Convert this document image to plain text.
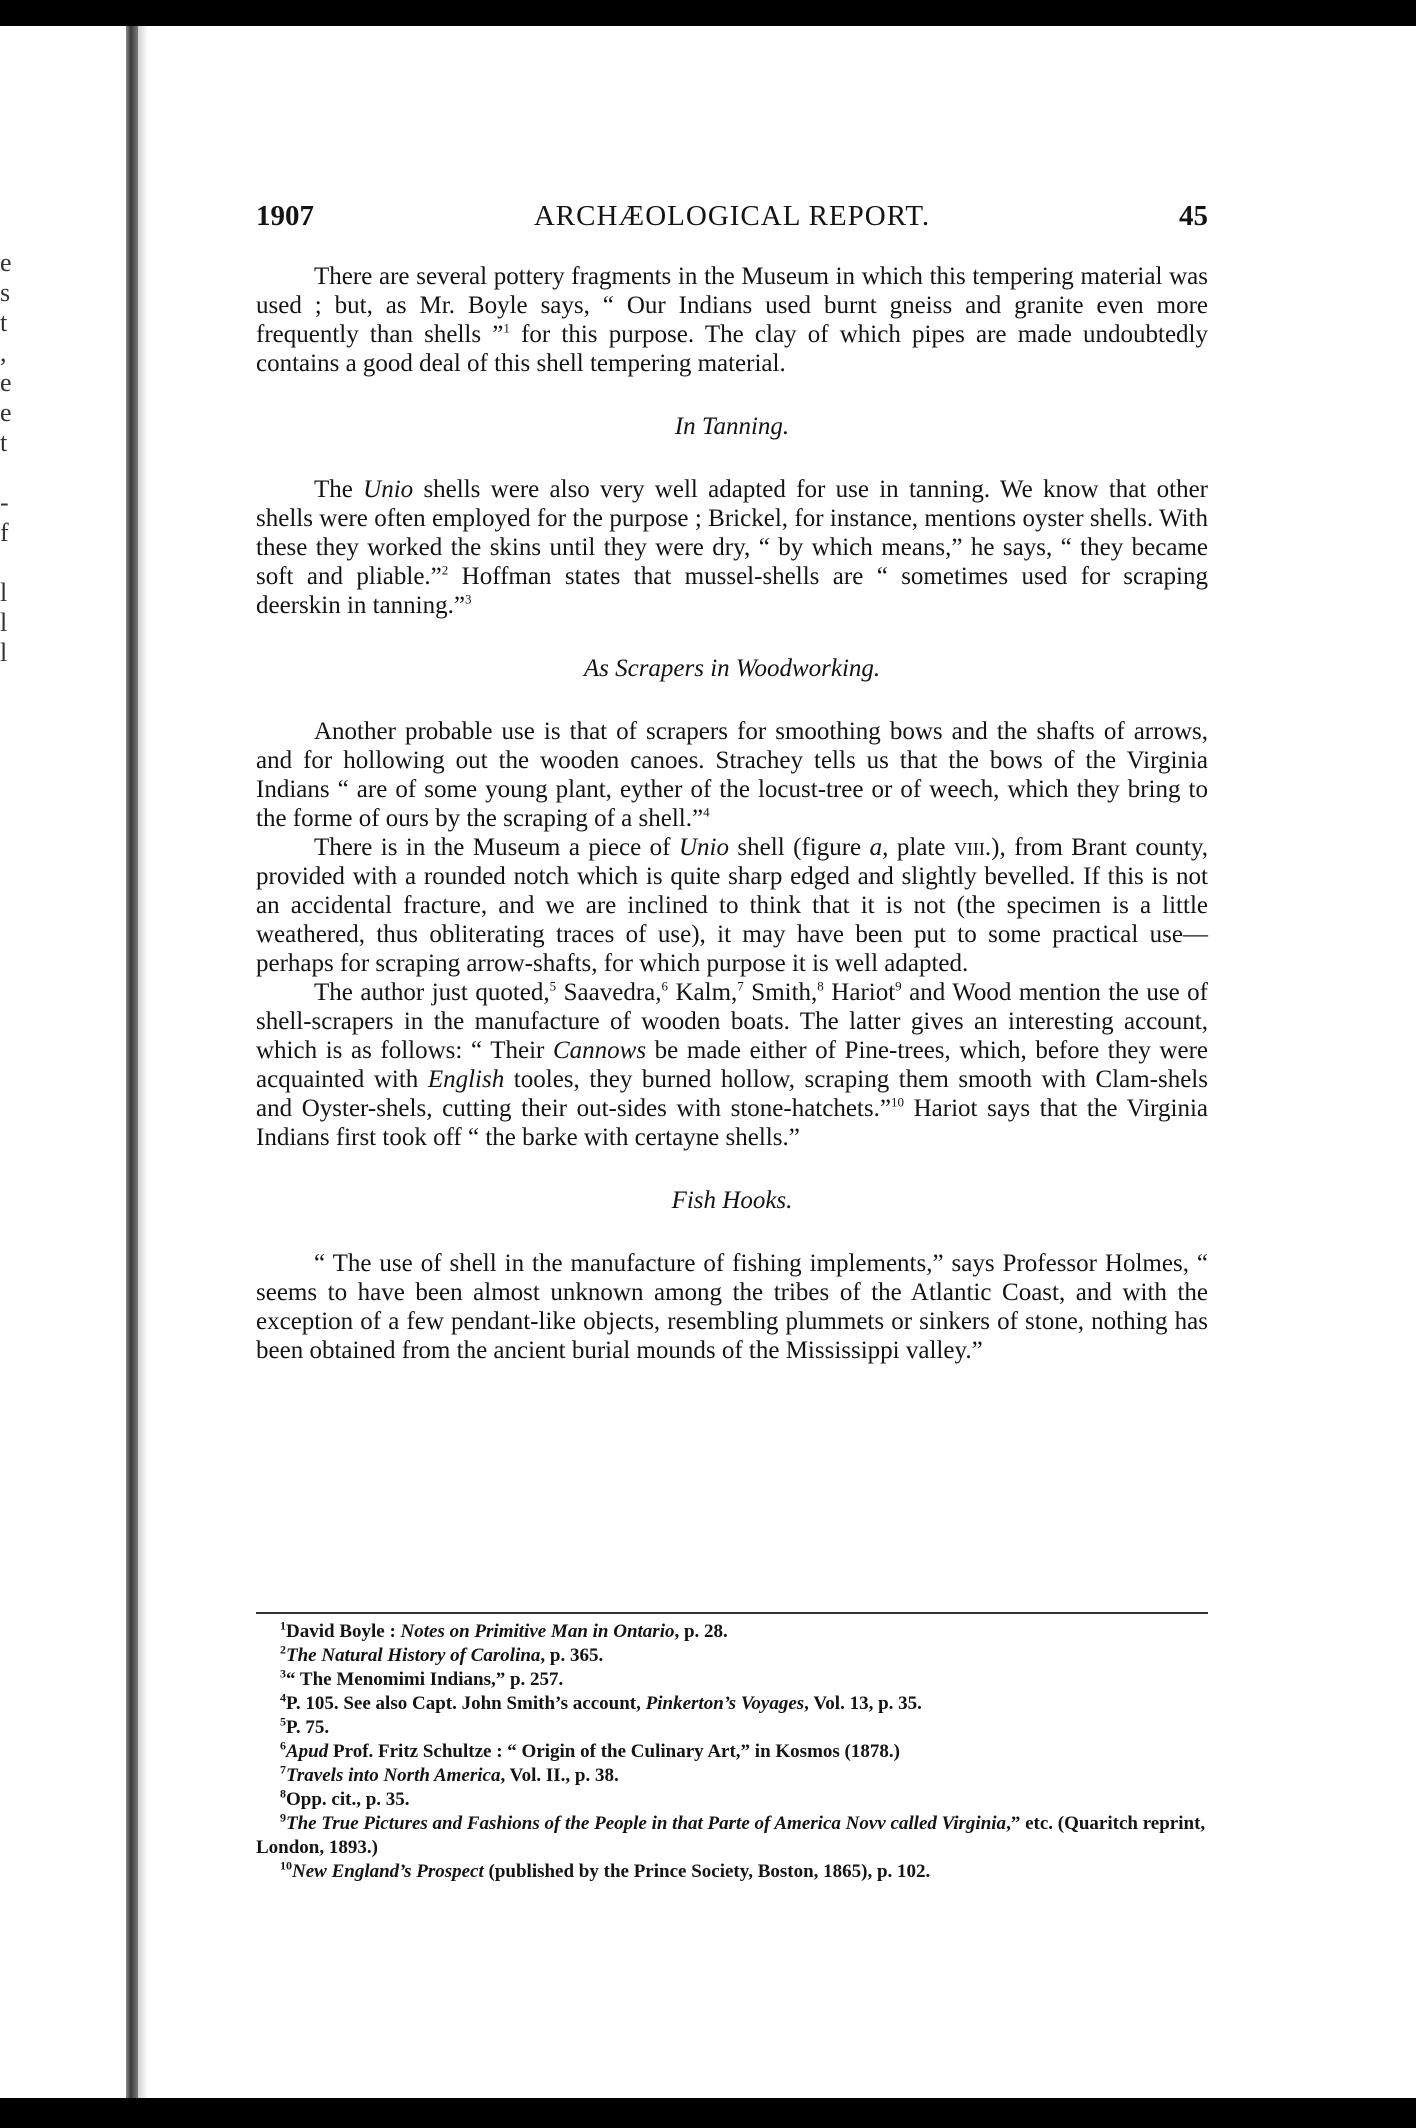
e
s
t
,
e
e
t
-
f
l
l
l
1907	ARCHÆOLOGICAL REPORT.	45

There are several pottery fragments in the Museum in which this tempering material was used ; but, as Mr. Boyle says, “ Our Indians used burnt gneiss and granite even more frequently than shells ”$^1$ for this purpose. The clay of which pipes are made undoubtedly contains a good deal of this shell tempering material.

In Tanning.

The Unio shells were also very well adapted for use in tanning. We know that other shells were often employed for the purpose ; Brickel, for instance, mentions oyster shells. With these they worked the skins until they were dry, “ by which means,” he says, “ they became soft and pliable.”$^2$ Hoffman states that mussel-shells are “ sometimes used for scraping deerskin in tanning.”$^3$

As Scrapers in Woodworking.

Another probable use is that of scrapers for smoothing bows and the shafts of arrows, and for hollowing out the wooden canoes. Strachey tells us that the bows of the Virginia Indians “ are of some young plant, eyther of the locust-tree or of weech, which they bring to the forme of ours by the scraping of a shell.”$^4$

There is in the Museum a piece of Unio shell (figure a, plate viii.), from Brant county, provided with a rounded notch which is quite sharp edged and slightly bevelled. If this is not an accidental fracture, and we are inclined to think that it is not (the specimen is a little weathered, thus obliterating traces of use), it may have been put to some practical use—perhaps for scraping arrow-shafts, for which purpose it is well adapted.

The author just quoted,$^5$ Saavedra,$^6$ Kalm,$^7$ Smith,$^8$ Hariot$^9$ and Wood mention the use of shell-scrapers in the manufacture of wooden boats. The latter gives an interesting account, which is as follows: “ Their Cannows be made either of Pine-trees, which, before they were acquainted with English tooles, they burned hollow, scraping them smooth with Clam-shels and Oyster-shels, cutting their out-sides with stone-hatchets.”$^{10}$ Hariot says that the Virginia Indians first took off “ the barke with certayne shells.”

Fish Hooks.

“ The use of shell in the manufacture of fishing implements,” says Professor Holmes, “ seems to have been almost unknown among the tribes of the Atlantic Coast, and with the exception of a few pendant-like objects, resembling plummets or sinkers of stone, nothing has been obtained from the ancient burial mounds of the Mississippi valley.”

$^1$David Boyle : Notes on Primitive Man in Ontario, p. 28.

$^2$The Natural History of Carolina, p. 365.

$^3$“ The Menomimi Indians,” p. 257.

$^4$P. 105. See also Capt. John Smith’s account, Pinkerton’s Voyages, Vol. 13, p. 35.

$^5$P. 75.

$^6$Apud Prof. Fritz Schultze : “ Origin of the Culinary Art,” in Kosmos (1878.)

$^7$Travels into North America, Vol. II., p. 38.

$^8$Opp. cit., p. 35.

$^9$The True Pictures and Fashions of the People in that Parte of America Novv called Virginia,” etc. (Quaritch reprint, London, 1893.)

$^{10}$New England’s Prospect (published by the Prince Society, Boston, 1865), p. 102.
